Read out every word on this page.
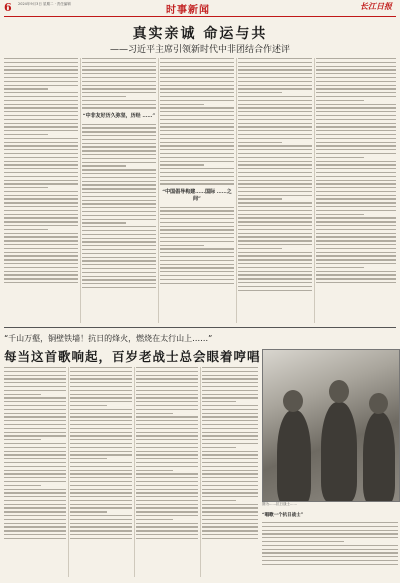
6 2024年9月3日 星期二 · 责任编辑
时事新闻	长江日报
真实亲诚 命运与共
——习近平主席引领新时代中非团结合作述评
“中非友好历久弥坚，历经 ……”
“中国倡导构建……国际 ……之间”
“千山万壑，铜壁铁墙！抗日的烽火，燃烧在太行山上……”
每当这首歌响起，百岁老战士总会眼着哼唱
图为……抗日战士……
“唱歌一个抗日战士”
